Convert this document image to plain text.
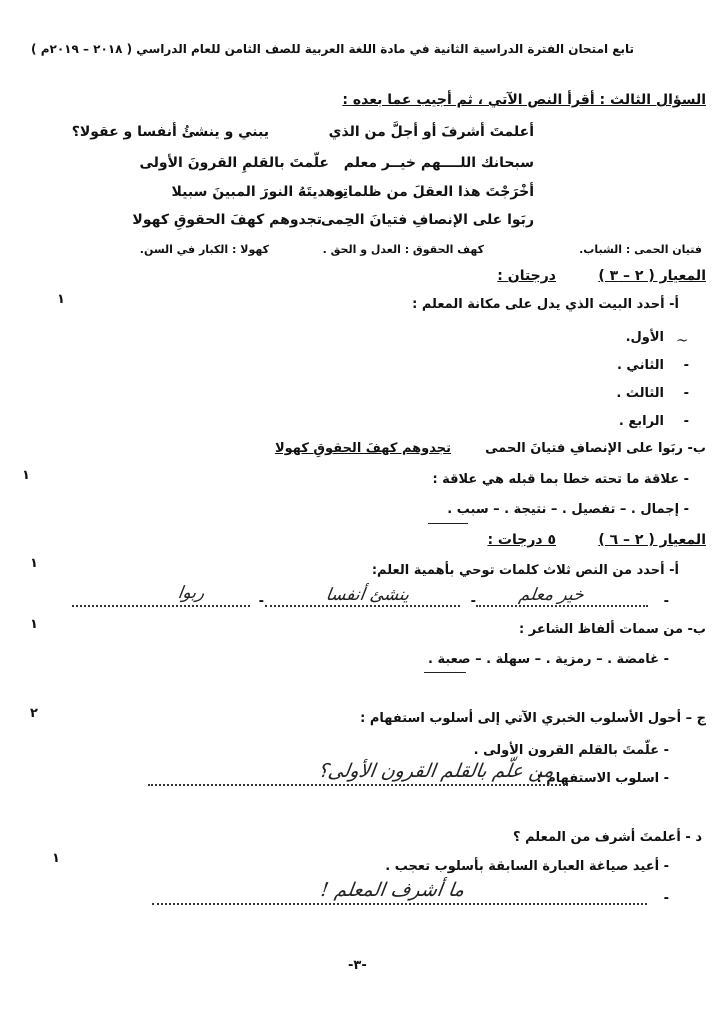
تابع امتحان الفترة الدراسية الثانية في مادة اللغة العربية للصف الثامن للعام الدراسي ( ٢٠١٨ – ٢٠١٩م )
السؤال الثالث : أقرأ النص الآتي ، ثم أجيب عما بعده :
أعلمتَ أشرفَ أو أجلَّ من الذي
يبني و ينشئُ أنفسا و عقولا؟
سبحانك اللــــهم خيــر معلم
علّمتَ بالقلمِ القرونَ الأولى
أخْرَجْتَ هذا العقلَ من ظلماتِهِ
وهديتَهُ النورَ المبينَ سبيلا
ربَوا على الإنصافِ فتيانَ الحِمى
تجدوهم كهفَ الحقوقِ كهولا
فتيان الحمى : الشباب.
كهف الحقوق : العدل و الحق .
كهولا : الكبار في السن.
المعيار ( ٢ – ٣ )
درجتان :
١	أ- أحدد البيت الذي يدل على مكانة المعلم :
الأول. ~
-
الثاني .
-
الثالث .
-
الرابع .
ب- ربَوا على الإنصافِ فتيانَ الحمى
تجدوهم كهفَ الحقوقِ كهولا
١	- علاقة ما تحته خطا بما قبله هي علاقة :
- إجمال . – تفصيل . – نتيجة . – سبب .
المعيار ( ٢ – ٦ )
٥ درجات :
١	أ- أحدد من النص ثلاث كلمات توحي بأهمية العلم:
-
خير معلم
-
ينشئ أنفسا
-
ربوا
١	ب- من سمات ألفاظ الشاعر :
- غامضة . – رمزية . – سهلة . – صعبة .
٢	ج – أحول الأسلوب الخبري الآتي إلى أسلوب استفهام :
- علّمتَ بالقلم القرون الأولى .
- اسلوب الاستفهام :
من علّم بالقلم القرون الأولى؟
د - أعلمتَ أشرف من المعلم ؟
١
- أعيد صياغة العبارة السابقة بأسلوب تعجب .
-
ما أشرف المعلم !
-٣-
